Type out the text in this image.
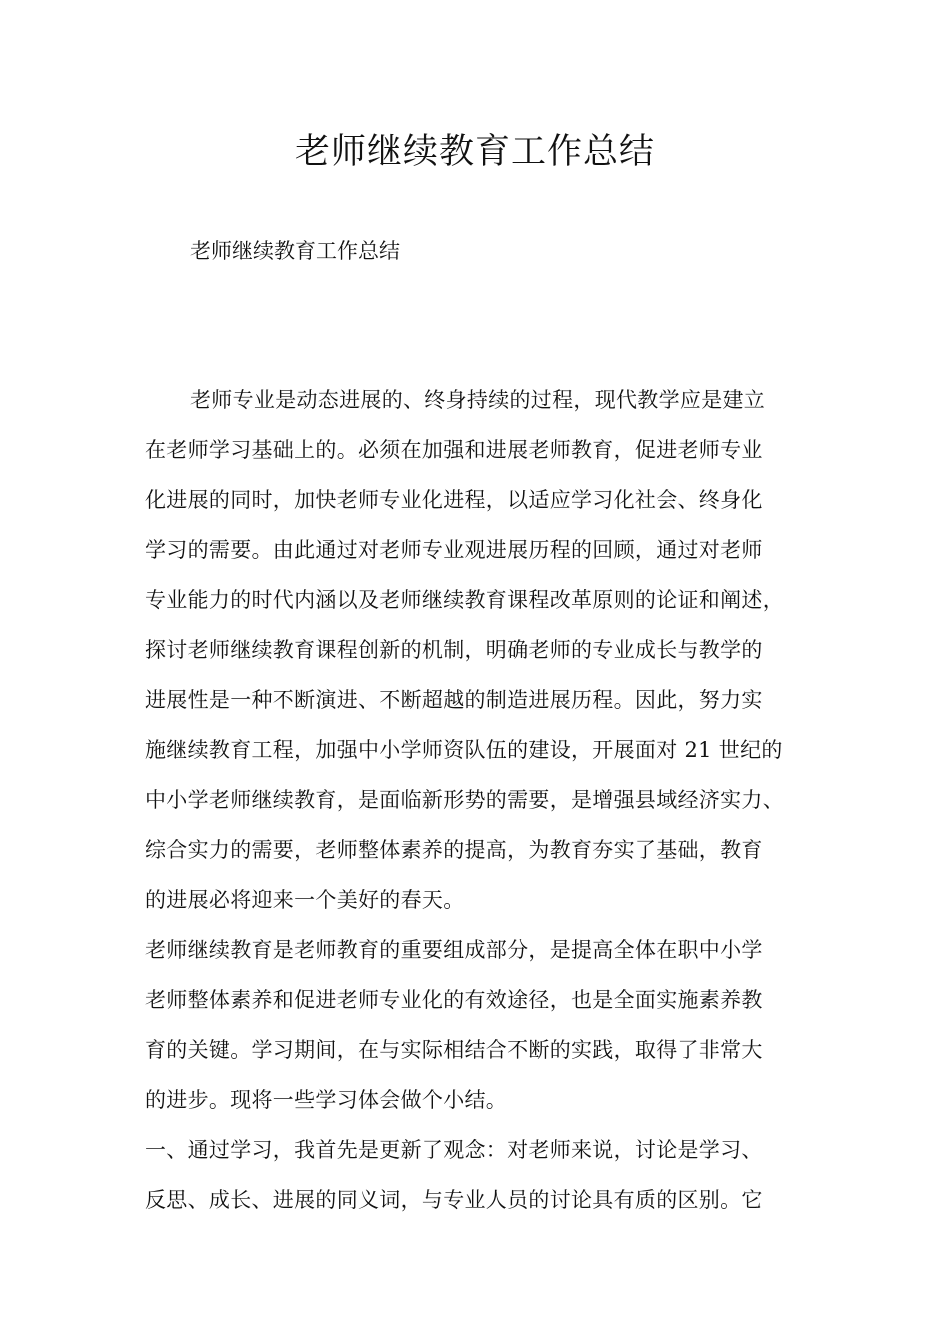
老师继续教育工作总结
老师继续教育工作总结
老师专业是动态进展的、终身持续的过程，现代教学应是建立
在老师学习基础上的。必须在加强和进展老师教育，促进老师专业
化进展的同时，加快老师专业化进程，以适应学习化社会、终身化
学习的需要。由此通过对老师专业观进展历程的回顾，通过对老师
专业能力的时代内涵以及老师继续教育课程改革原则的论证和阐述，
探讨老师继续教育课程创新的机制，明确老师的专业成长与教学的
进展性是一种不断演进、不断超越的制造进展历程。因此，努力实
施继续教育工程，加强中小学师资队伍的建设，开展面对 21 世纪的
中小学老师继续教育，是面临新形势的需要，是增强县域经济实力、
综合实力的需要，老师整体素养的提高，为教育夯实了基础，教育
的进展必将迎来一个美好的春天。
老师继续教育是老师教育的重要组成部分，是提高全体在职中小学
老师整体素养和促进老师专业化的有效途径，也是全面实施素养教
育的关键。学习期间，在与实际相结合不断的实践，取得了非常大
的进步。现将一些学习体会做个小结。
一、通过学习，我首先是更新了观念：对老师来说，讨论是学习、
反思、成长、进展的同义词，与专业人员的讨论具有质的区别。它
